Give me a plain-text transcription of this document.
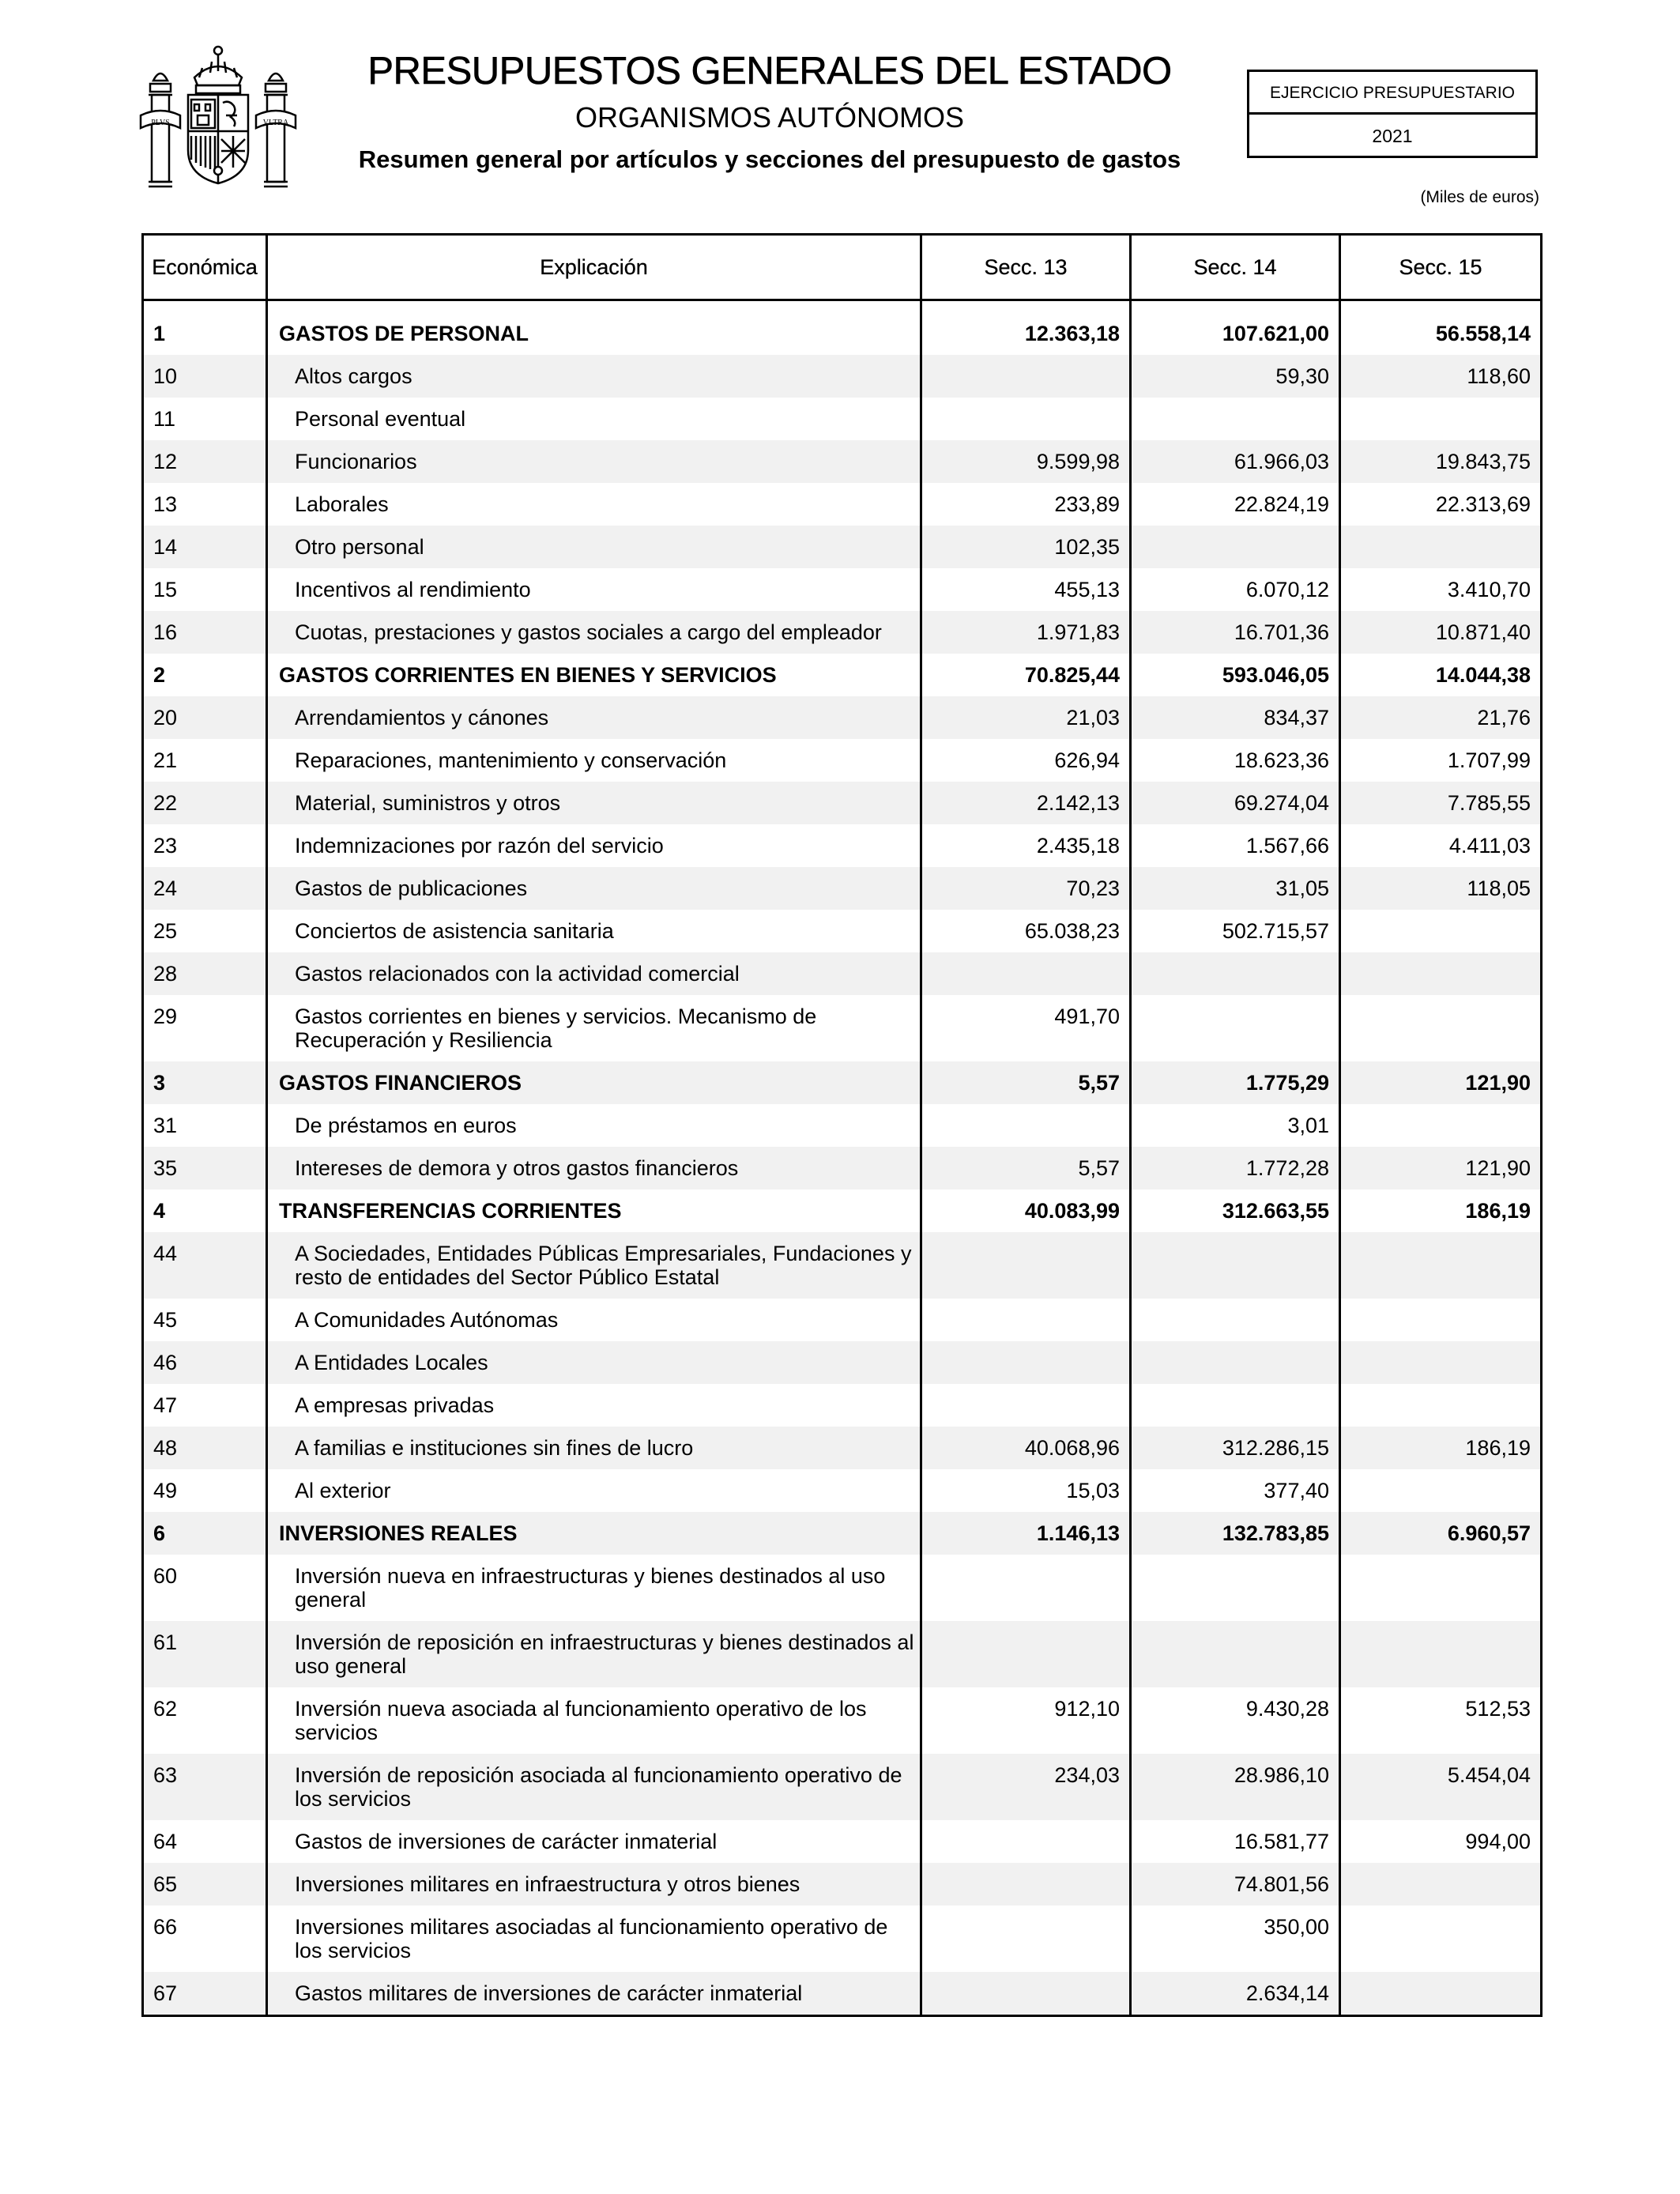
PLVS	VLTRA
PRESUPUESTOS GENERALES DEL ESTADO
ORGANISMOS AUTÓNOMOS
Resumen general por artículos y secciones del presupuesto de gastos
EJERCICIO PRESUPUESTARIO
2021
(Miles de euros)
Económica	Explicación	Secc. 13	Secc. 14	Secc. 15

1	GASTOS DE PERSONAL	12.363,18	107.621,00	56.558,14

10	Altos cargos		59,30	118,60

11	Personal eventual			

12	Funcionarios	9.599,98	61.966,03	19.843,75

13	Laborales	233,89	22.824,19	22.313,69

14	Otro personal	102,35		

15	Incentivos al rendimiento	455,13	6.070,12	3.410,70

16	Cuotas, prestaciones y gastos sociales a cargo del empleador	1.971,83	16.701,36	10.871,40

2	GASTOS CORRIENTES EN BIENES Y SERVICIOS	70.825,44	593.046,05	14.044,38

20	Arrendamientos y cánones	21,03	834,37	21,76

21	Reparaciones, mantenimiento y conservación	626,94	18.623,36	1.707,99

22	Material, suministros y otros	2.142,13	69.274,04	7.785,55

23	Indemnizaciones por razón del servicio	2.435,18	1.567,66	4.411,03

24	Gastos de publicaciones	70,23	31,05	118,05

25	Conciertos de asistencia sanitaria	65.038,23	502.715,57	

28	Gastos relacionados con la actividad comercial			

29	Gastos corrientes en bienes y servicios. Mecanismo de Recuperación y Resiliencia	491,70		

3	GASTOS FINANCIEROS	5,57	1.775,29	121,90

31	De préstamos en euros		3,01	

35	Intereses de demora y otros gastos financieros	5,57	1.772,28	121,90

4	TRANSFERENCIAS CORRIENTES	40.083,99	312.663,55	186,19

44	A Sociedades, Entidades Públicas Empresariales, Fundaciones y resto de entidades del Sector Público Estatal			

45	A Comunidades Autónomas			

46	A Entidades Locales			

47	A empresas privadas			

48	A familias e instituciones sin fines de lucro	40.068,96	312.286,15	186,19

49	Al exterior	15,03	377,40	

6	INVERSIONES REALES	1.146,13	132.783,85	6.960,57

60	Inversión nueva en infraestructuras y bienes destinados al uso general			

61	Inversión de reposición en infraestructuras y bienes destinados al uso general			

62	Inversión nueva asociada al funcionamiento operativo de los servicios	912,10	9.430,28	512,53

63	Inversión de reposición asociada al funcionamiento operativo de los servicios	234,03	28.986,10	5.454,04

64	Gastos de inversiones de carácter inmaterial		16.581,77	994,00

65	Inversiones militares en infraestructura y otros bienes		74.801,56	

66	Inversiones militares asociadas al funcionamiento operativo de los servicios		350,00	

67	Gastos militares de inversiones de carácter inmaterial		2.634,14	
